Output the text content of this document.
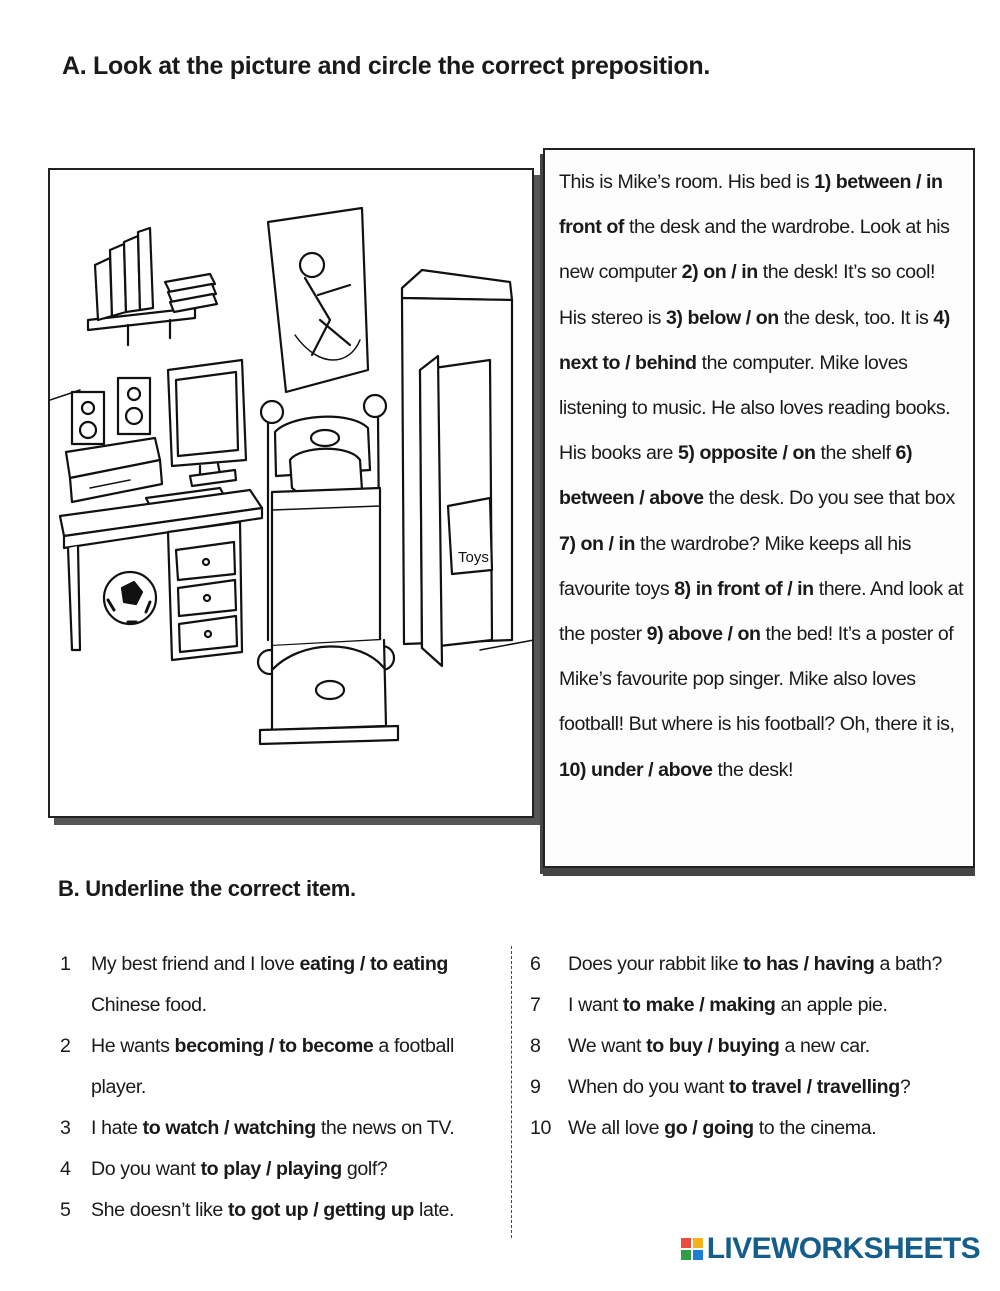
A. Look at the picture and circle the correct preposition.
Toys
This is Mike’s room. His bed is 1) between / in front of the desk and the wardrobe. Look at his new computer 2) on / in the desk! It’s so cool! His stereo is 3) below / on the desk, too. It is 4) next to / behind the computer. Mike loves listening to music. He also loves reading books. His books are 5) opposite / on the shelf 6) between / above the desk. Do you see that box 7) on / in the wardrobe? Mike keeps all his favourite toys 8) in front of / in there. And look at the poster 9) above / on the bed! It’s a poster of Mike’s favourite pop singer. Mike also loves football! But where is his football? Oh, there it is, 10) under / above the desk!
B. Underline the correct item.
1	My best friend and I love eating / to eating Chinese food.
2	He wants becoming / to become a football player.
3	I hate to watch / watching the news on TV.
4	Do you want to play / playing golf?
5	She doesn’t like to got up / getting up late.
6	Does your rabbit like to has / having a bath?
7	I want to make / making an apple pie.
8	We want to buy / buying a new car.
9	When do you want to travel / travelling?
10 We all love go / going to the cinema.
LIVEWORKSHEETS
